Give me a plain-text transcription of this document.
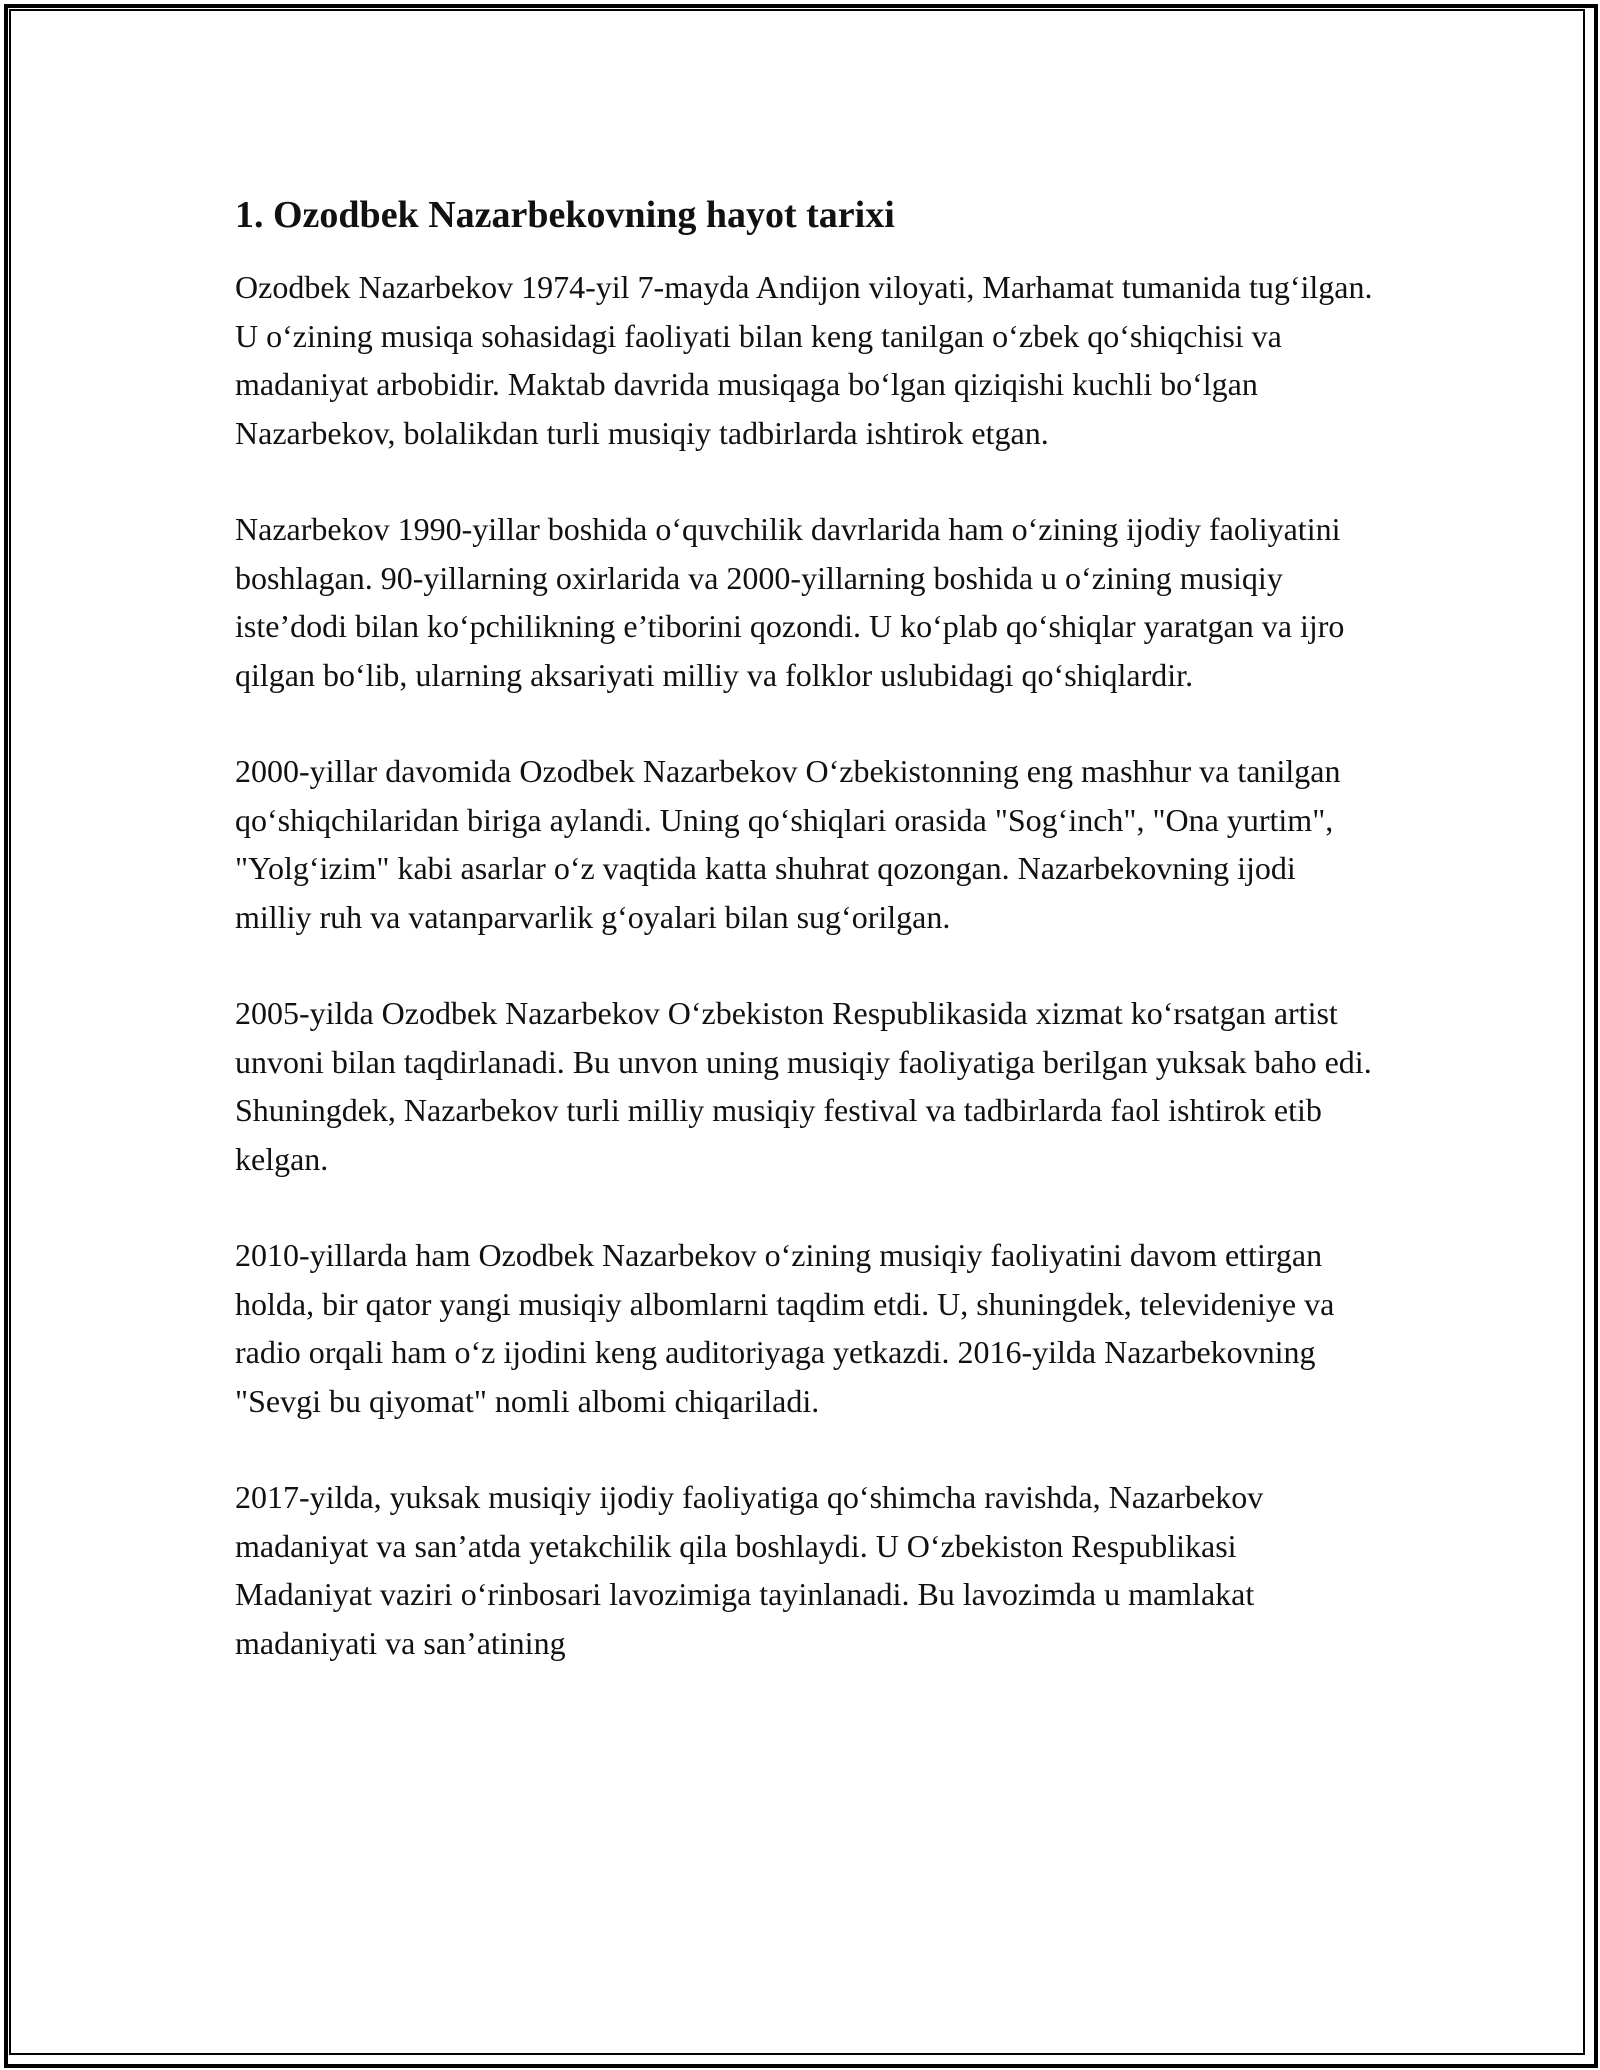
1. Ozodbek Nazarbekovning hayot tarixi

Ozodbek Nazarbekov 1974-yil 7-mayda Andijon viloyati, Marhamat tumanida tug‘ilgan. U o‘zining musiqa sohasidagi faoliyati bilan keng tanilgan o‘zbek qo‘shiqchisi va madaniyat arbobidir. Maktab davrida musiqaga bo‘lgan qiziqishi kuchli bo‘lgan Nazarbekov, bolalikdan turli musiqiy tadbirlarda ishtirok etgan.

Nazarbekov 1990-yillar boshida o‘quvchilik davrlarida ham o‘zining ijodiy faoliyatini boshlagan. 90-yillarning oxirlarida va 2000-yillarning boshida u o‘zining musiqiy iste’dodi bilan ko‘pchilikning e’tiborini qozondi. U ko‘plab qo‘shiqlar yaratgan va ijro qilgan bo‘lib, ularning aksariyati milliy va folklor uslubidagi qo‘shiqlardir.

2000-yillar davomida Ozodbek Nazarbekov O‘zbekistonning eng mashhur va tanilgan qo‘shiqchilaridan biriga aylandi. Uning qo‘shiqlari orasida "Sog‘inch", "Ona yurtim", "Yolg‘izim" kabi asarlar o‘z vaqtida katta shuhrat qozongan. Nazarbekovning ijodi milliy ruh va vatanparvarlik g‘oyalari bilan sug‘orilgan.

2005-yilda Ozodbek Nazarbekov O‘zbekiston Respublikasida xizmat ko‘rsatgan artist unvoni bilan taqdirlanadi. Bu unvon uning musiqiy faoliyatiga berilgan yuksak baho edi. Shuningdek, Nazarbekov turli milliy musiqiy festival va tadbirlarda faol ishtirok etib kelgan.

2010-yillarda ham Ozodbek Nazarbekov o‘zining musiqiy faoliyatini davom ettirgan holda, bir qator yangi musiqiy albomlarni taqdim etdi. U, shuningdek, televideniye va radio orqali ham o‘z ijodini keng auditoriyaga yetkazdi. 2016-yilda Nazarbekovning "Sevgi bu qiyomat" nomli albomi chiqariladi.

2017-yilda, yuksak musiqiy ijodiy faoliyatiga qo‘shimcha ravishda, Nazarbekov madaniyat va san’atda yetakchilik qila boshlaydi. U O‘zbekiston Respublikasi Madaniyat vaziri o‘rinbosari lavozimiga tayinlanadi. Bu lavozimda u mamlakat madaniyati va san’atining
